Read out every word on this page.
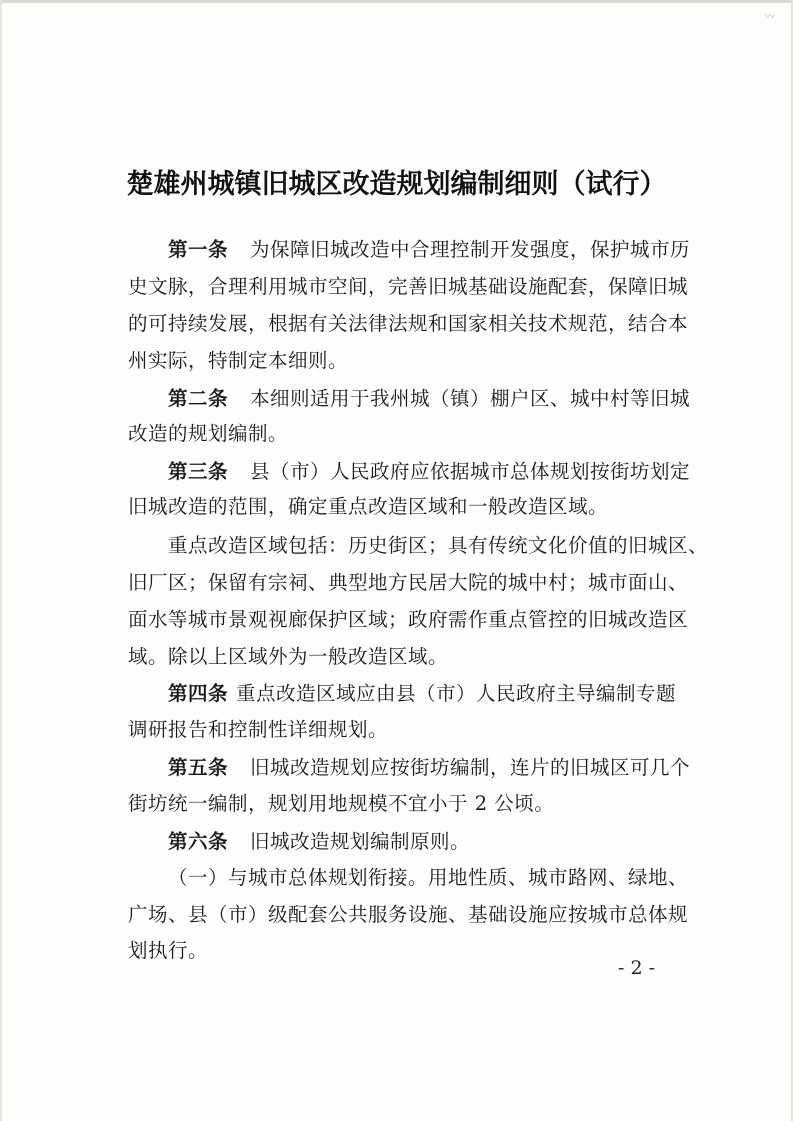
〰
楚雄州城镇旧城区改造规划编制细则（试行）
第一条 为保障旧城改造中合理控制开发强度，保护城市历
史文脉，合理利用城市空间，完善旧城基础设施配套，保障旧城
的可持续发展，根据有关法律法规和国家相关技术规范，结合本
州实际，特制定本细则。
第二条 本细则适用于我州城（镇）棚户区、城中村等旧城
改造的规划编制。
第三条 县（市）人民政府应依据城市总体规划按街坊划定
旧城改造的范围，确定重点改造区域和一般改造区域。
重点改造区域包括：历史街区；具有传统文化价值的旧城区、
旧厂区；保留有宗祠、典型地方民居大院的城中村；城市面山、
面水等城市景观视廊保护区域；政府需作重点管控的旧城改造区
域。除以上区域外为一般改造区域。
第四条 重点改造区域应由县（市）人民政府主导编制专题
调研报告和控制性详细规划。
第五条 旧城改造规划应按街坊编制，连片的旧城区可几个
街坊统一编制，规划用地规模不宜小于 2 公顷。
第六条 旧城改造规划编制原则。
（一）与城市总体规划衔接。用地性质、城市路网、绿地、
广场、县（市）级配套公共服务设施、基础设施应按城市总体规
划执行。
- 2 -
